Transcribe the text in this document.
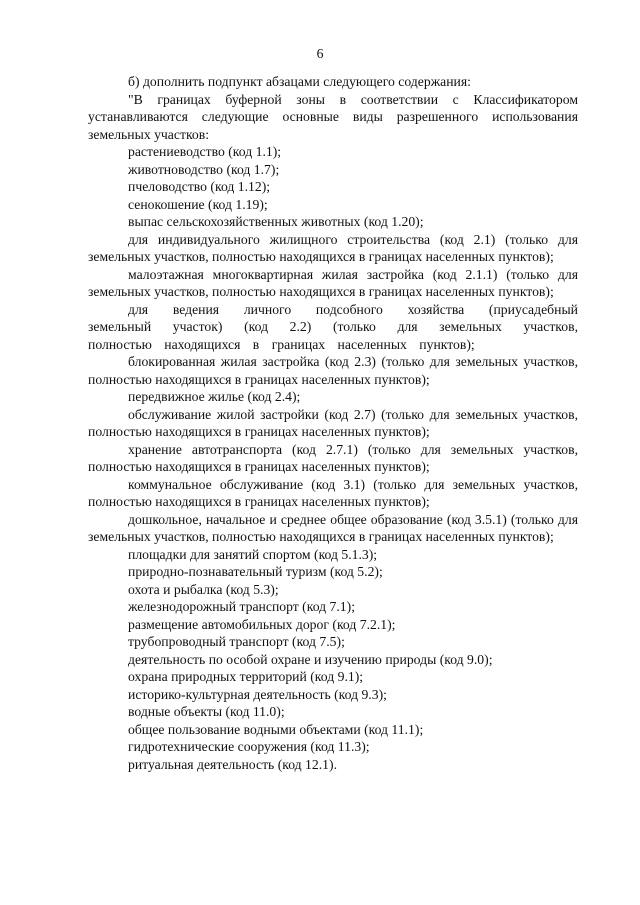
6

б) дополнить подпункт абзацами следующего содержания:

"В границах буферной зоны в соответствии с Классификатором устанавливаются следующие основные виды разрешенного использования земельных участков:

растениеводство (код 1.1);

животноводство (код 1.7);

пчеловодство (код 1.12);

сенокошение (код 1.19);

выпас сельскохозяйственных животных (код 1.20);

для индивидуального жилищного строительства (код 2.1) (только для земельных участков, полностью находящихся в границах населенных пунктов);

малоэтажная многоквартирная жилая застройка (код 2.1.1) (только для земельных участков, полностью находящихся в границах населенных пунктов);

для ведения личного подсобного хозяйства (приусадебный земельный участок) (код 2.2) (только для земельных участков, полностью находящихся в границах населенных пунктов);

блокированная жилая застройка (код 2.3) (только для земельных участков, полностью находящихся в границах населенных пунктов);

передвижное жилье (код 2.4);

обслуживание жилой застройки (код 2.7) (только для земельных участков, полностью находящихся в границах населенных пунктов);

хранение автотранспорта (код 2.7.1) (только для земельных участков, полностью находящихся в границах населенных пунктов);

коммунальное обслуживание (код 3.1) (только для земельных участков, полностью находящихся в границах населенных пунктов);

дошкольное, начальное и среднее общее образование (код 3.5.1) (только для земельных участков, полностью находящихся в границах населенных пунктов);

площадки для занятий спортом (код 5.1.3);

природно-познавательный туризм (код 5.2);

охота и рыбалка (код 5.3);

железнодорожный транспорт (код 7.1);

размещение автомобильных дорог (код 7.2.1);

трубопроводный транспорт (код 7.5);

деятельность по особой охране и изучению природы (код 9.0);

охрана природных территорий (код 9.1);

историко-культурная деятельность (код 9.3);

водные объекты (код 11.0);

общее пользование водными объектами (код 11.1);

гидротехнические сооружения (код 11.3);

ритуальная деятельность (код 12.1).
